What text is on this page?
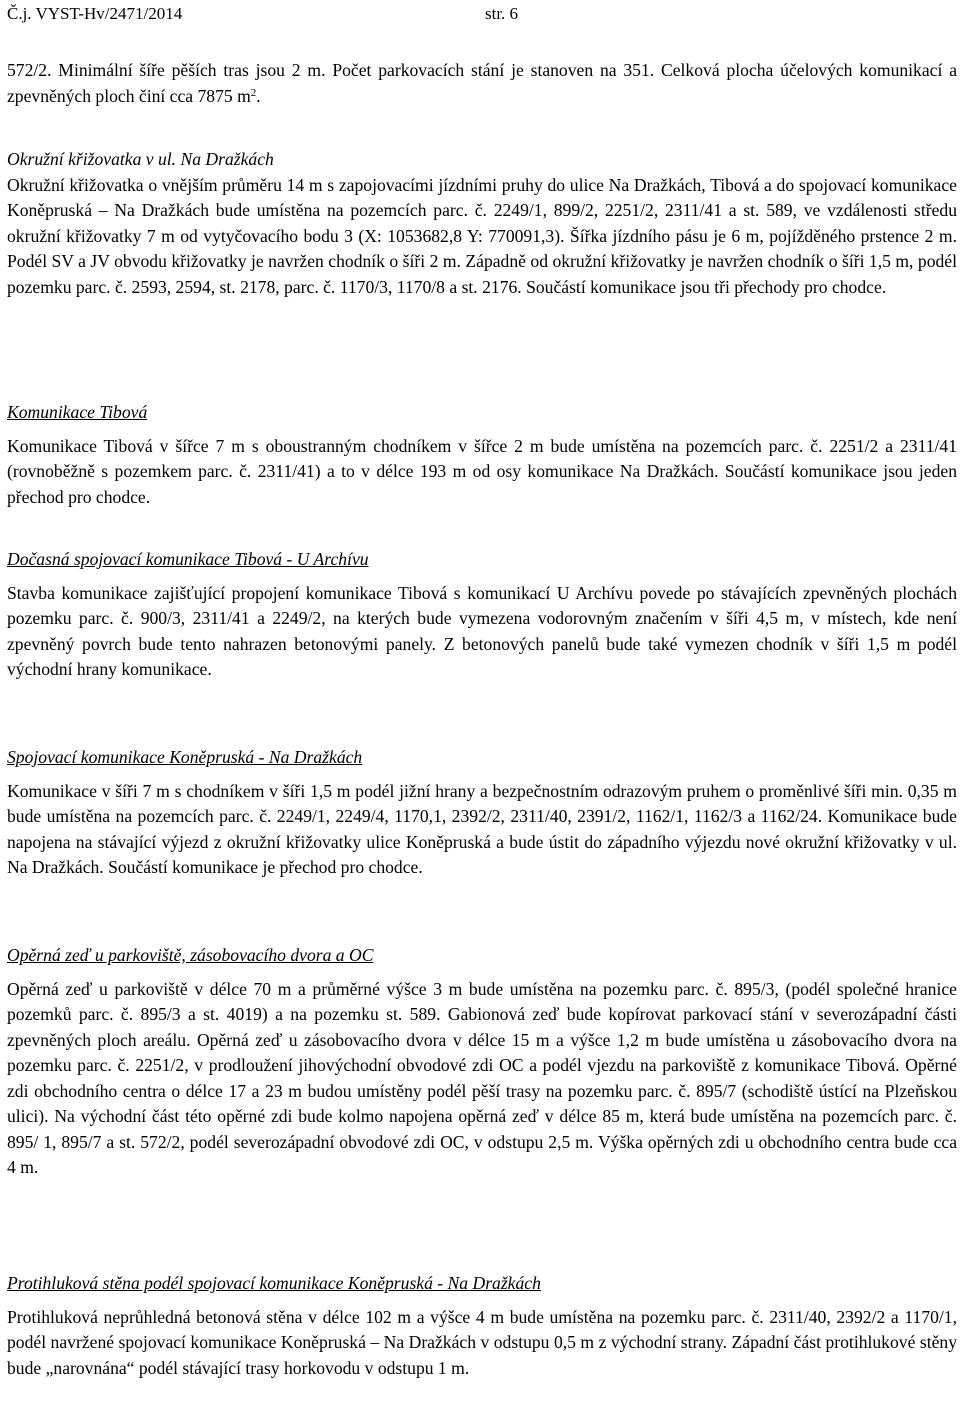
Č.j. VYST-Hv/2471/2014	str. 6

572/2. Minimální šíře pěších tras jsou 2 m. Počet parkovacích stání je stanoven na 351. Celková plocha účelových komunikací a zpevněných ploch činí cca 7875 $m^2$.

Okružní křižovatka v ul. Na Dražkách

Okružní křižovatka o vnějším průměru 14 m s zapojovacími jízdními pruhy do ulice Na Dražkách, Tibová a do spojovací komunikace Koněpruská – Na Dražkách bude umístěna na pozemcích parc. č. 2249/1, 899/2, 2251/2, 2311/41 a st. 589, ve vzdálenosti středu okružní křižovatky 7 m od vytyčovacího bodu 3 (X: 1053682,8 Y: 770091,3). Šířka jízdního pásu je 6 m, pojížděného prstence 2 m. Podél SV a JV obvodu křižovatky je navržen chodník o šíři 2 m. Západně od okružní křižovatky je navržen chodník o šíři 1,5 m, podél pozemku parc. č. 2593, 2594, st. 2178, parc. č. 1170/3, 1170/8 a st. 2176. Součástí komunikace jsou tři přechody pro chodce.

Komunikace Tibová

Komunikace Tibová v šířce 7 m s oboustranným chodníkem v šířce 2 m bude umístěna na pozemcích parc. č. 2251/2 a 2311/41 (rovnoběžně s pozemkem parc. č. 2311/41) a to v délce 193 m od osy komunikace Na Dražkách. Součástí komunikace jsou jeden přechod pro chodce.

Dočasná spojovací komunikace Tibová - U Archívu

Stavba komunikace zajišťující propojení komunikace Tibová s komunikací U Archívu povede po stávajících zpevněných plochách pozemku parc. č. 900/3, 2311/41 a 2249/2, na kterých bude vymezena vodorovným značením v šíři 4,5 m, v místech, kde není zpevněný povrch bude tento nahrazen betonovými panely. Z betonových panelů bude také vymezen chodník v šíři 1,5 m podél východní hrany komunikace.

Spojovací komunikace Koněpruská - Na Dražkách

Komunikace v šíři 7 m s chodníkem v šíři 1,5 m podél jižní hrany a bezpečnostním odrazovým pruhem o proměnlivé šíři min. 0,35 m bude umístěna na pozemcích parc. č. 2249/1, 2249/4, 1170,1, 2392/2, 2311/40, 2391/2, 1162/1, 1162/3 a 1162/24. Komunikace bude napojena na stávající výjezd z okružní křižovatky ulice Koněpruská a bude ústit do západního výjezdu nové okružní křižovatky v ul. Na Dražkách. Součástí komunikace je přechod pro chodce.

Opěrná zeď u parkoviště, zásobovacího dvora a OC

Opěrná zeď u parkoviště v délce 70 m a průměrné výšce 3 m bude umístěna na pozemku parc. č. 895/3, (podél společné hranice pozemků parc. č. 895/3 a st. 4019) a na pozemku st. 589. Gabionová zeď bude kopírovat parkovací stání v severozápadní části zpevněných ploch areálu. Opěrná zeď u zásobovacího dvora v délce 15 m a výšce 1,2 m bude umístěna u zásobovacího dvora na pozemku parc. č. 2251/2, v prodloužení jihovýchodní obvodové zdi OC a podél vjezdu na parkoviště z komunikace Tibová. Opěrné zdi obchodního centra o délce 17 a 23 m budou umístěny podél pěší trasy na pozemku parc. č. 895/7 (schodiště ústící na Plzeňskou ulici). Na východní část této opěrné zdi bude kolmo napojena opěrná zeď v délce 85 m, která bude umístěna na pozemcích parc. č. 895/ 1, 895/7 a st. 572/2, podél severozápadní obvodové zdi OC, v odstupu 2,5 m. Výška opěrných zdi u obchodního centra bude cca 4 m.

Protihluková stěna podél spojovací komunikace Koněpruská - Na Dražkách

Protihluková neprůhledná betonová stěna v délce 102 m a výšce 4 m bude umístěna na pozemku parc. č. 2311/40, 2392/2 a 1170/1, podél navržené spojovací komunikace Koněpruská – Na Dražkách v odstupu 0,5 m z východní strany. Západní část protihlukové stěny bude „narovnána“ podél stávající trasy horkovodu v odstupu 1 m.
